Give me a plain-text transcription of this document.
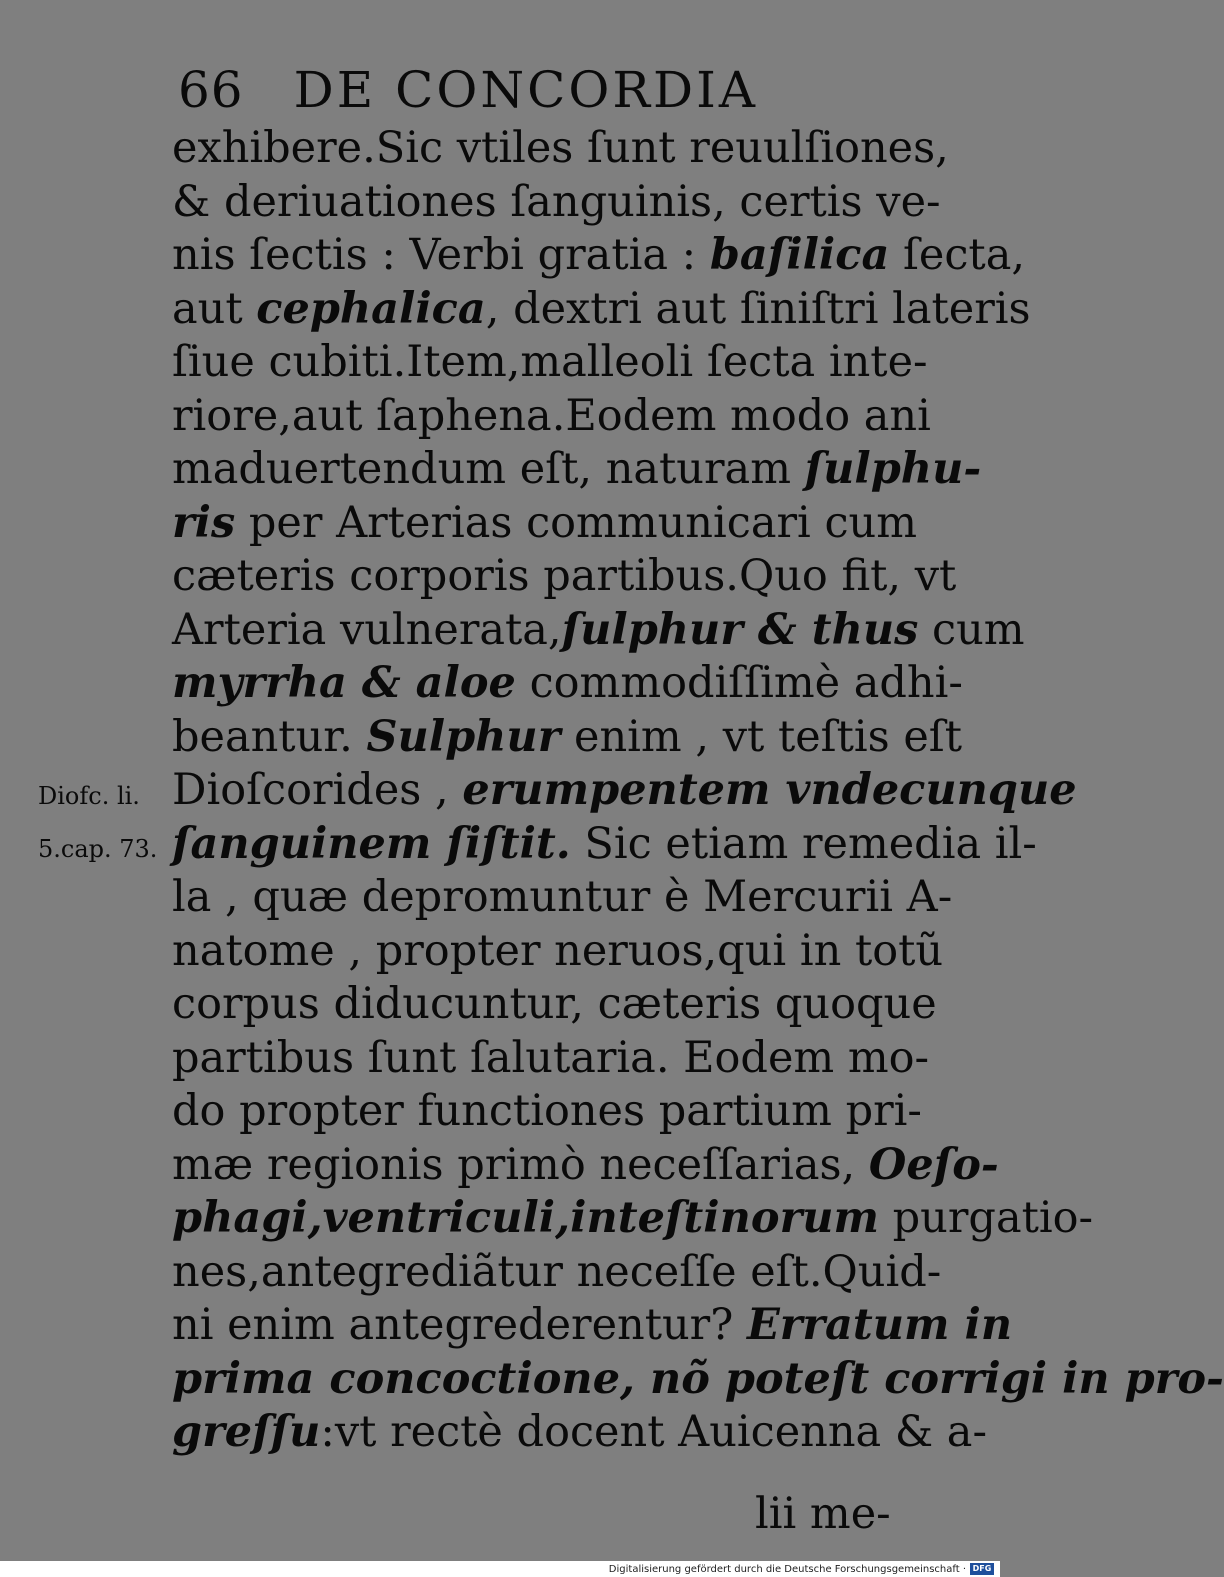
66 DE CONCORDIA
Diofc. li.
5.cap. 73.
exhibere.Sic vtiles ſunt reuulſiones,
& deriuationes ſanguinis, certis ve-
nis ſectis : Verbi gratia : baſilica ſecta,
aut cephalica, dextri aut ſiniſtri lateris
ſiue cubiti.Item,malleoli ſecta inte-
riore,aut ſaphena.Eodem modo ani
maduertendum eſt, naturam ſulphu-
ris per Arterias communicari cum
cæteris corporis partibus.Quo fit, vt
Arteria vulnerata,ſulphur & thus cum
myrrha & aloe commodiſſimè adhi-
beantur. Sulphur enim , vt teſtis eſt
Dioſcorides , erumpentem vndecunque
ſanguinem ſiſtit. Sic etiam remedia il-
la , quæ depromuntur è Mercurii A-
natome , propter neruos,qui in totũ
corpus diducuntur, cæteris quoque
partibus ſunt ſalutaria. Eodem mo-
do propter functiones partium pri-
mæ regionis primò neceſſarias, Oeſo-
phagi,ventriculi,inteſtinorum purgatio-
nes,antegrediãtur neceſſe eſt.Quid-
ni enim antegrederentur? Erratum in
prima concoctione, nõ poteſt corrigi in pro-
greſſu:vt rectè docent Auicenna & a-
lii me-
Digitalisierung gefördert durch die Deutsche Forschungsgemeinschaft · DFG
